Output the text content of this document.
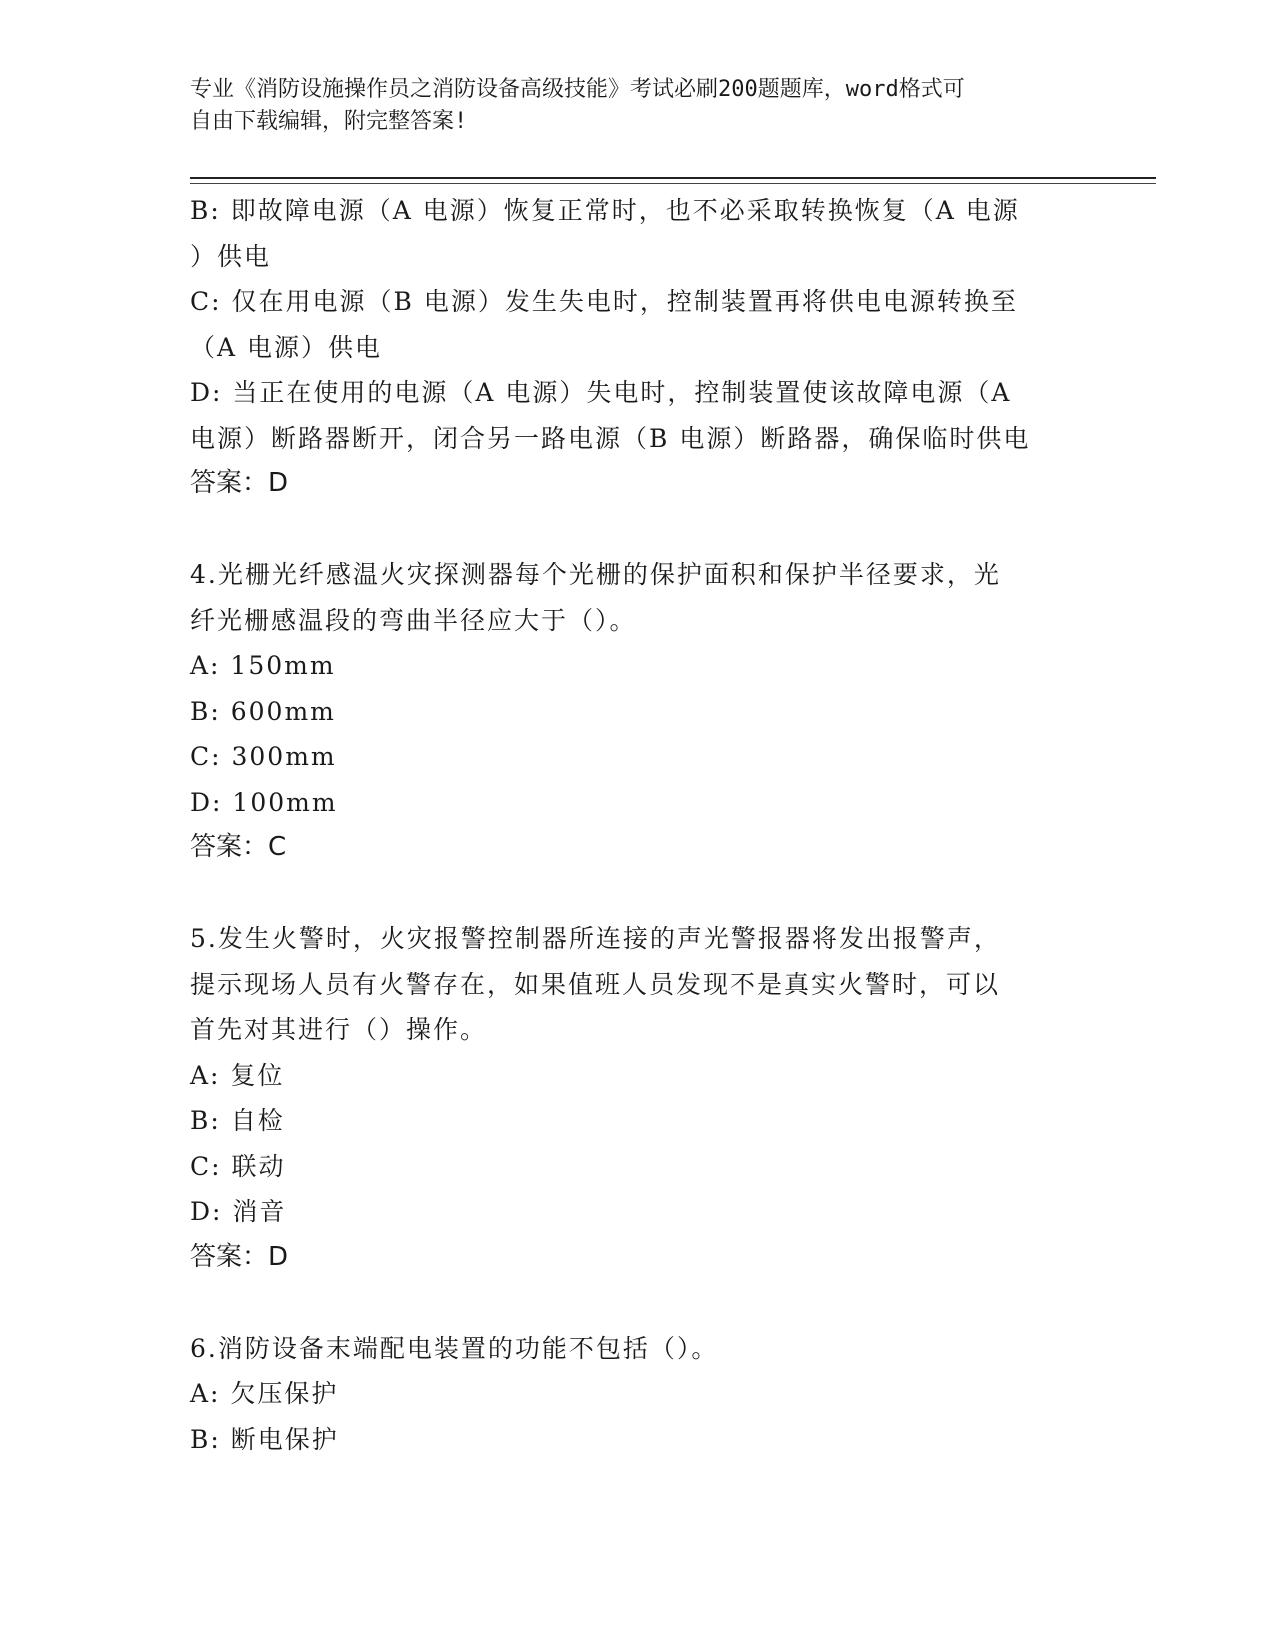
专业《消防设施操作员之消防设备高级技能》考试必刷200题题库，word格式可
自由下载编辑，附完整答案!
B: 即故障电源（A 电源）恢复正常时，也不必采取转换恢复（A 电源
）供电
C: 仅在用电源（B 电源）发生失电时，控制装置再将供电电源转换至
（A 电源）供电
D: 当正在使用的电源（A 电源）失电时，控制装置使该故障电源（A
电源）断路器断开，闭合另一路电源（B 电源）断路器，确保临时供电
答案：D
4.光栅光纤感温火灾探测器每个光栅的保护面积和保护半径要求，光
纤光栅感温段的弯曲半径应大于（）。
A: 150mm
B: 600mm
C: 300mm
D: 100mm
答案：C
5.发生火警时，火灾报警控制器所连接的声光警报器将发出报警声，
提示现场人员有火警存在，如果值班人员发现不是真实火警时，可以
首先对其进行（）操作。
A: 复位
B: 自检
C: 联动
D: 消音
答案：D
6.消防设备末端配电装置的功能不包括（）。
A: 欠压保护
B: 断电保护
